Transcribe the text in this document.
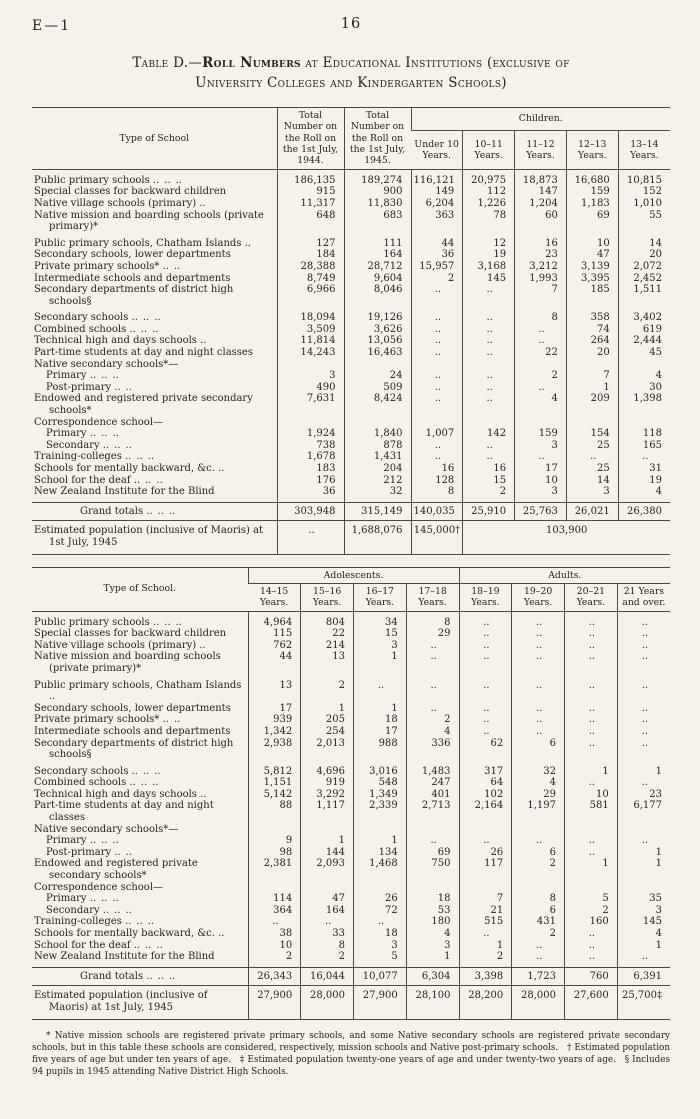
E—1	16
Table D.—Roll Numbers at Educational Institutions (exclusive of
University Colleges and Kindergarten Schools)
Type of School	Total Number on the Roll on the 1st July, 1944.	Total Number on the Roll on the 1st July, 1945.	Children.				
			Under 10 Years.	10–11 Years.	11–12 Years.	12–13 Years.	13–14 Years.
Public primary schools .. .. ..	186,135	189,274	116,121	20,975	18,873	16,680	10,815
Special classes for backward children	915	900	149	112	147	159	152
Native village schools (primary) ..	11,317	11,830	6,204	1,226	1,204	1,183	1,010
Native mission and boarding schools (private primary)*	648	683	363	78	60	69	55
Public primary schools, Chatham Islands ..	127	111	44	12	16	10	14
Secondary schools, lower departments	184	164	36	19	23	47	20
Private primary schools* .. ..	28,388	28,712	15,957	3,168	3,212	3,139	2,072
Intermediate schools and departments	8,749	9,604	2	145	1,993	3,395	2,452
Secondary departments of district high schools§	6,966	8,046	..	..	7	185	1,511
Secondary schools .. .. ..	18,094	19,126	..	..	8	358	3,402
Combined schools .. .. ..	3,509	3,626	..	..	..	74	619
Technical high and days schools ..	11,814	13,056	..	..	..	264	2,444
Part-time students at day and night classes	14,243	16,463	..	..	22	20	45
Native secondary schools*—							
Primary .. .. ..	3	24	..	..	2	7	4
Post-primary .. ..	490	509	..	..	..	1	30
Endowed and registered private secondary schools*	7,631	8,424	..	..	4	209	1,398
Correspondence school—							
Primary .. .. ..	1,924	1,840	1,007	142	159	154	118
Secondary .. .. ..	738	878	..	..	3	25	165
Training-colleges .. .. ..	1,678	1,431	..	..	..	..	..
Schools for mentally backward, &c. ..	183	204	16	16	17	25	31
School for the deaf .. .. ..	176	212	128	15	10	14	19
New Zealand Institute for the Blind	36	32	8	2	3	3	4
Grand totals .. .. ..	303,948	315,149	140,035	25,910	25,763	26,021	26,380
Estimated population (inclusive of Maoris) at 1st July, 1945	..	1,688,076	145,000†	103,900			
Type of School.	Adolescents.				Adults.			
	14–15 Years.	15–16 Years.	16–17 Years.	17–18 Years.	18–19 Years.	19–20 Years.	20–21 Years.	21 Years and over.
Public primary schools .. .. ..	4,964	804	34	8	..	..	..	..
Special classes for backward children	115	22	15	29	..	..	..	..
Native village schools (primary) ..	762	214	3	..	..	..	..	..
Native mission and boarding schools (private primary)*	44	13	1	..	..	..	..	..
Public primary schools, Chatham Islands ..	13	2	..	..	..	..	..	..
Secondary schools, lower departments	17	1	1	..	..	..	..	..
Private primary schools* .. ..	939	205	18	2	..	..	..	..
Intermediate schools and departments	1,342	254	17	4	..	..	..	..
Secondary departments of district high schools§	2,938	2,013	988	336	62	6	..	..
Secondary schools .. .. ..	5,812	4,696	3,016	1,483	317	32	1	1
Combined schools .. .. ..	1,151	919	548	247	64	4	..	..
Technical high and days schools ..	5,142	3,292	1,349	401	102	29	10	23
Part-time students at day and night classes	88	1,117	2,339	2,713	2,164	1,197	581	6,177
Native secondary schools*—								
Primary .. .. ..	9	1	1	..	..	..	..	..
Post-primary .. ..	98	144	134	69	26	6	..	1
Endowed and registered private secondary schools*	2,381	2,093	1,468	750	117	2	1	1
Correspondence school—								
Primary .. .. ..	114	47	26	18	7	8	5	35
Secondary .. .. ..	364	164	72	53	21	6	2	3
Training-colleges .. .. ..	..	..	..	180	515	431	160	145
Schools for mentally backward, &c. ..	38	33	18	4	..	2	..	4
School for the deaf .. .. ..	10	8	3	3	1	..	..	1
New Zealand Institute for the Blind	2	2	5	1	2	..	..	..
Grand totals .. .. ..	26,343	16,044	10,077	6,304	3,398	1,723	760	6,391
Estimated population (inclusive of Maoris) at 1st July, 1945	27,900	28,000	27,900	28,100	28,200	28,000	27,600	25,700‡

* Native mission schools are registered private primary schools, and some Native secondary schools are registered private secondary schools, but in this table these schools are considered, respectively, mission schools and Native post-primary schools. † Estimated population five years of age but under ten years of age. ‡ Estimated population twenty-one years of age and under twenty-two years of age. § Includes 94 pupils in 1945 attending Native District High Schools.
